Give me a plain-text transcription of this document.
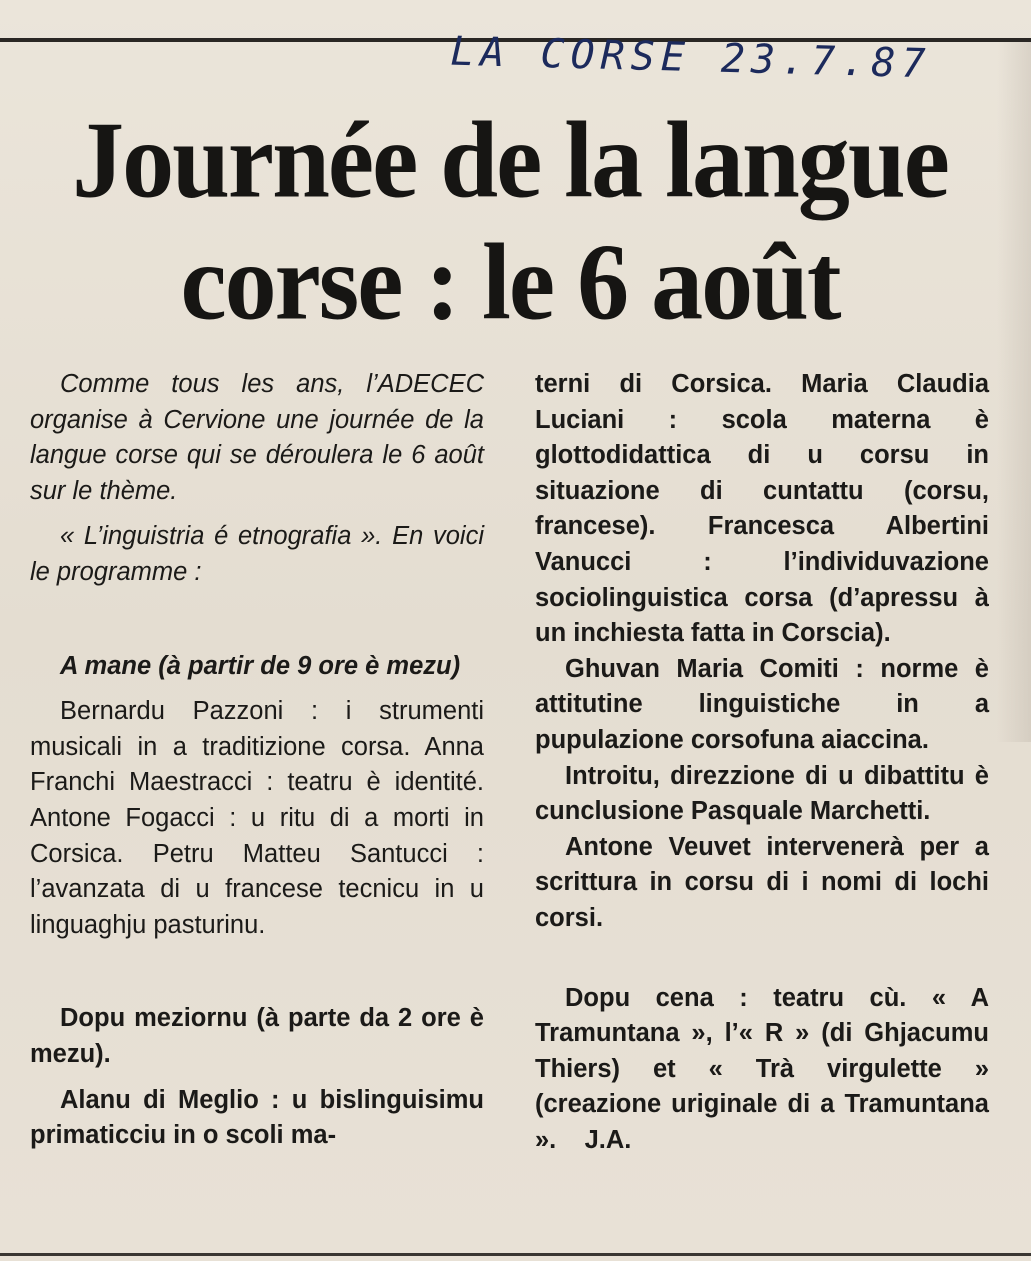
LA CORSE 23.7.87
Journée de la langue
corse : le 6 août

Comme tous les ans, l’ADECEC organise à Cervione une journée de la langue corse qui se déroulera le 6 août sur le thème.

« L’inguistria é etnografia ». En voici le programme :

A mane (à partir de 9 ore è mezu)

Bernardu Pazzoni : i strumenti musicali in a traditizione corsa. Anna Franchi Maestracci : teatru è identité. Antone Fogacci : u ritu di a morti in Corsica. Petru Matteu Santucci : l’avanzata di u francese tecnicu in u linguaghju pasturinu.

Dopu meziornu (à parte da 2 ore è mezu).

Alanu di Meglio : u bislinguisimu primaticciu in o scoli ma-

terni di Corsica. Maria Claudia Luciani : scola materna è glottodidattica di u corsu in situazione di cuntattu (corsu, francese). Francesca Albertini Vanucci : l’individuvazione sociolinguistica corsa (d’apressu à un inchiesta fatta in Corscia).

Ghuvan Maria Comiti : norme è attitutine linguistiche in a pupulazione corsofuna aiaccina.

Introitu, direzzione di u dibattitu è cunclusione Pasquale Marchetti.

Antone Veuvet intervenerà per a scrittura in corsu di i nomi di lochi corsi.

Dopu cena : teatru cù. « A Tramuntana », l’« R » (di Ghjacumu Thiers) et « Trà virgulette » (creazione uriginale di a Tramuntana ». J.A.
